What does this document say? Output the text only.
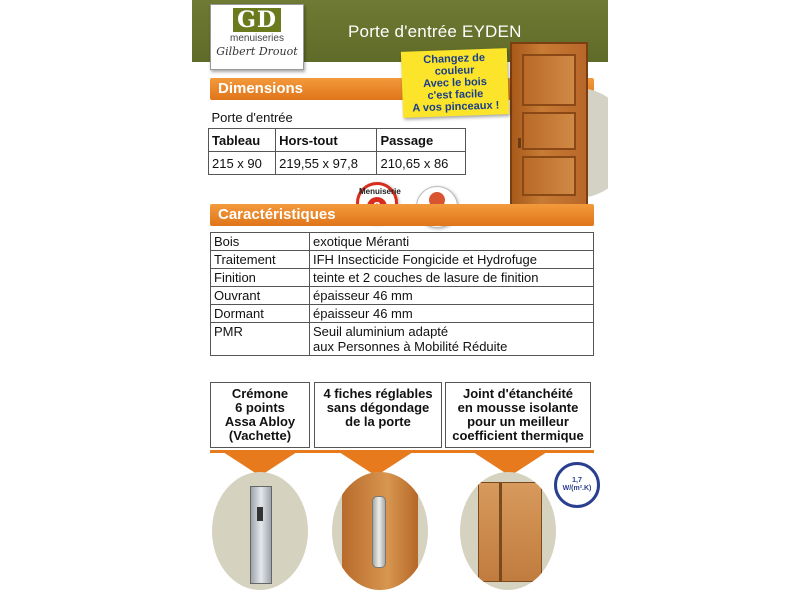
GD
menuiseries
Gilbert Drouot
Porte d'entrée EYDEN
Dimensions
Changez de
couleur
Avec le bois
c'est facile
A vos pinceaux !
Porte d'entrée		
Tableau	Hors-tout	Passage
215 x 90	219,55 x 97,8	210,65 x 86
Menuiserie
Caractéristiques
Bois	exotique Méranti
Traitement	IFH Insecticide Fongicide et Hydrofuge
Finition	teinte et 2 couches de lasure de finition
Ouvrant	épaisseur 46 mm
Dormant	épaisseur 46 mm
PMR	Seuil aluminium adapté
aux Personnes à Mobilité Réduite
Crémone
6 points
Assa Abloy
(Vachette)
4 fiches réglables
sans dégondage
de la porte
Joint d'étanchéité
en mousse isolante
pour un meilleur
coefficient thermique
1,7
W/(m².K)
